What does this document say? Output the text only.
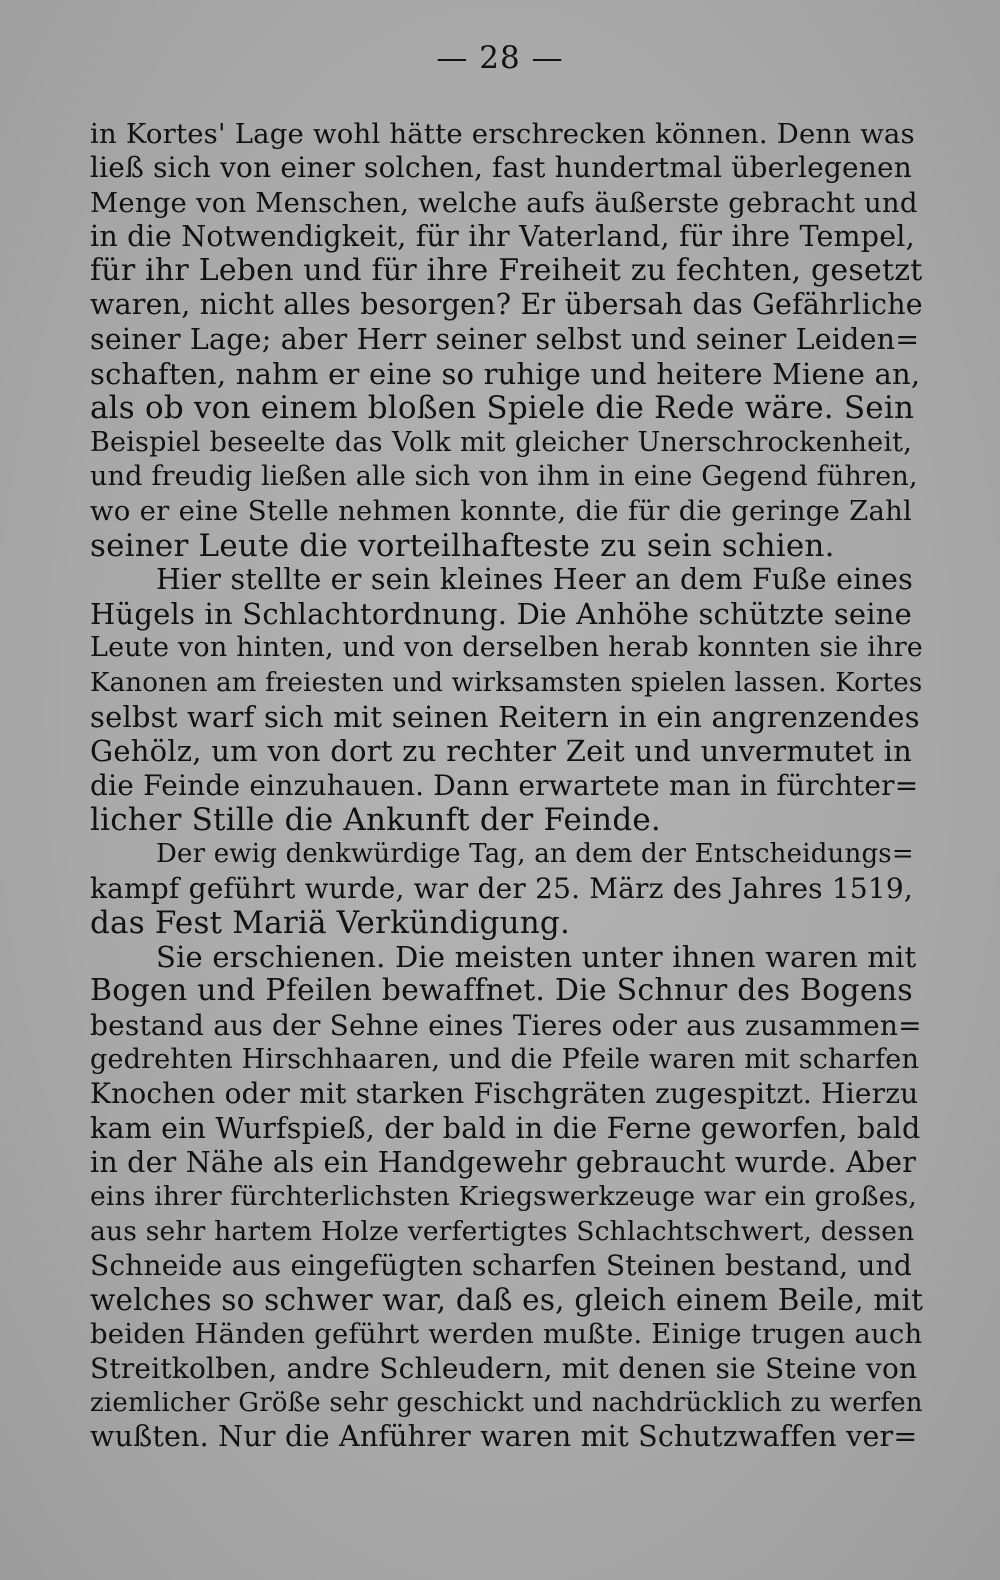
— 28 —
in Kortes' Lage wohl hätte erschrecken können. Denn was
ließ sich von einer solchen, fast hundertmal überlegenen
Menge von Menschen, welche aufs äußerste gebracht und
in die Notwendigkeit, für ihr Vaterland, für ihre Tempel,
für ihr Leben und für ihre Freiheit zu fechten, gesetzt
waren, nicht alles besorgen? Er übersah das Gefährliche
seiner Lage; aber Herr seiner selbst und seiner Leiden=
schaften, nahm er eine so ruhige und heitere Miene an,
als ob von einem bloßen Spiele die Rede wäre. Sein
Beispiel beseelte das Volk mit gleicher Unerschrockenheit,
und freudig ließen alle sich von ihm in eine Gegend führen,
wo er eine Stelle nehmen konnte, die für die geringe Zahl
seiner Leute die vorteilhafteste zu sein schien.
Hier stellte er sein kleines Heer an dem Fuße eines
Hügels in Schlachtordnung. Die Anhöhe schützte seine
Leute von hinten, und von derselben herab konnten sie ihre
Kanonen am freiesten und wirksamsten spielen lassen. Kortes
selbst warf sich mit seinen Reitern in ein angrenzendes
Gehölz, um von dort zu rechter Zeit und unvermutet in
die Feinde einzuhauen. Dann erwartete man in fürchter=
licher Stille die Ankunft der Feinde.
Der ewig denkwürdige Tag, an dem der Entscheidungs=
kampf geführt wurde, war der 25. März des Jahres 1519,
das Fest Mariä Verkündigung.
Sie erschienen. Die meisten unter ihnen waren mit
Bogen und Pfeilen bewaffnet. Die Schnur des Bogens
bestand aus der Sehne eines Tieres oder aus zusammen=
gedrehten Hirschhaaren, und die Pfeile waren mit scharfen
Knochen oder mit starken Fischgräten zugespitzt. Hierzu
kam ein Wurfspieß, der bald in die Ferne geworfen, bald
in der Nähe als ein Handgewehr gebraucht wurde. Aber
eins ihrer fürchterlichsten Kriegswerkzeuge war ein großes,
aus sehr hartem Holze verfertigtes Schlachtschwert, dessen
Schneide aus eingefügten scharfen Steinen bestand, und
welches so schwer war, daß es, gleich einem Beile, mit
beiden Händen geführt werden mußte. Einige trugen auch
Streitkolben, andre Schleudern, mit denen sie Steine von
ziemlicher Größe sehr geschickt und nachdrücklich zu werfen
wußten. Nur die Anführer waren mit Schutzwaffen ver=
